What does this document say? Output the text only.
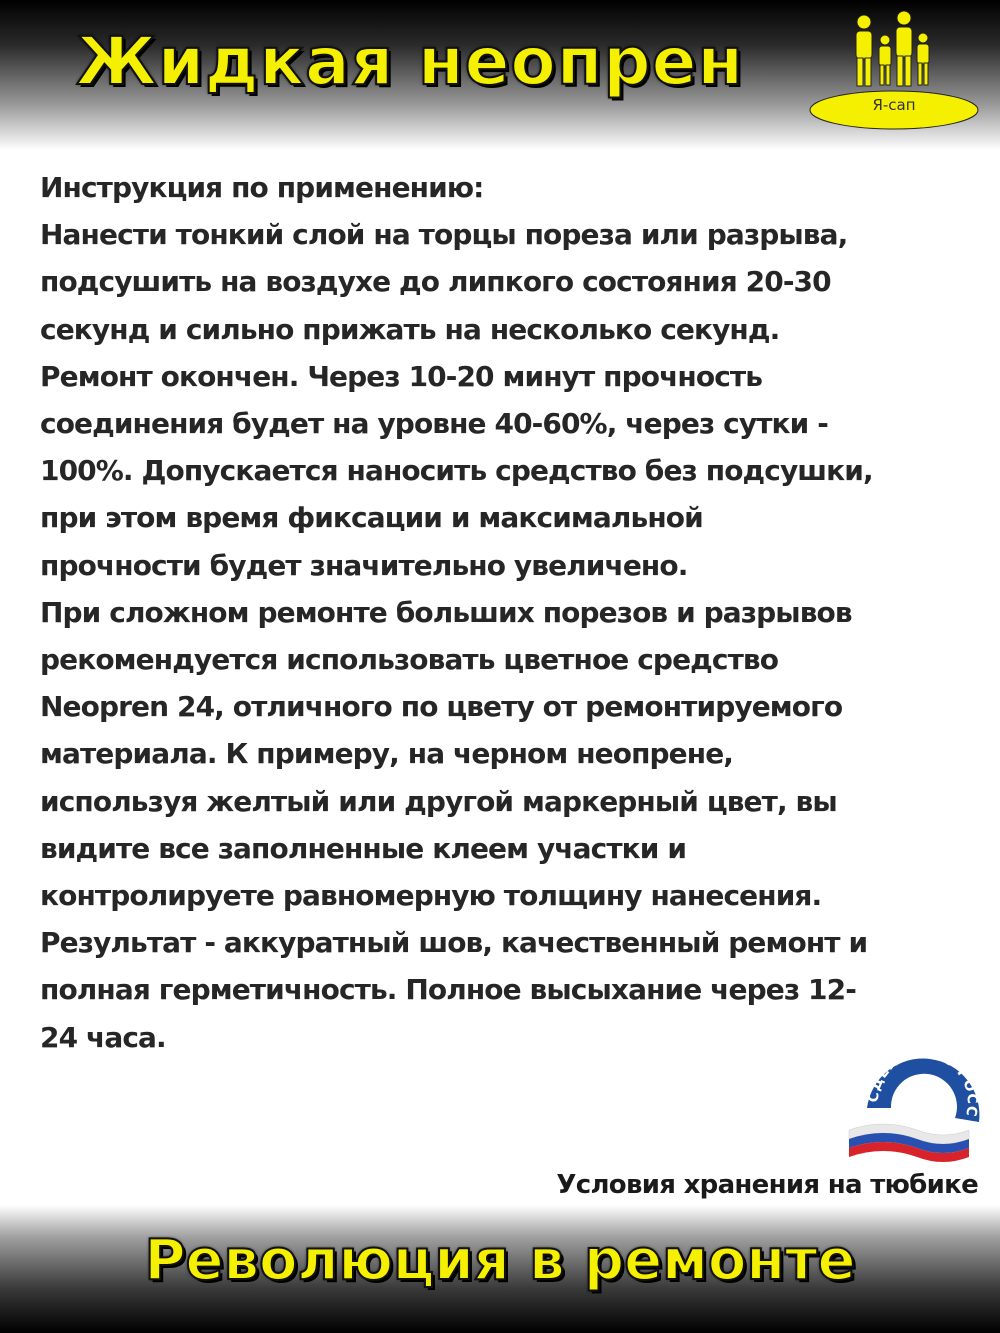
Жидкая неопрен
Я-сап
Инструкция по применению:
Нанести тонкий слой на торцы пореза или разрыва,
подсушить на воздухе до липкого состояния 20-30
секунд и сильно прижать на несколько секунд.
Ремонт окончен. Через 10-20 минут прочность
соединения будет на уровне 40-60%, через сутки -
100%. Допускается наносить средство без подсушки,
при этом время фиксации и максимальной
прочности будет значительно увеличено.
При сложном ремонте больших порезов и разрывов
рекомендуется использовать цветное средство
Neopren 24, отличного по цвету от ремонтируемого
материала. К примеру, на черном неопрене,
используя желтый или другой маркерный цвет, вы
видите все заполненные клеем участки и
контролируете равномерную толщину нанесения.
Результат - аккуратный шов, качественный ремонт и
полная герметичность. Полное высыхание через 12-
24 часа.
СДЕЛАНО В РОСС
Условия хранения на тюбике
Революция в ремонте
